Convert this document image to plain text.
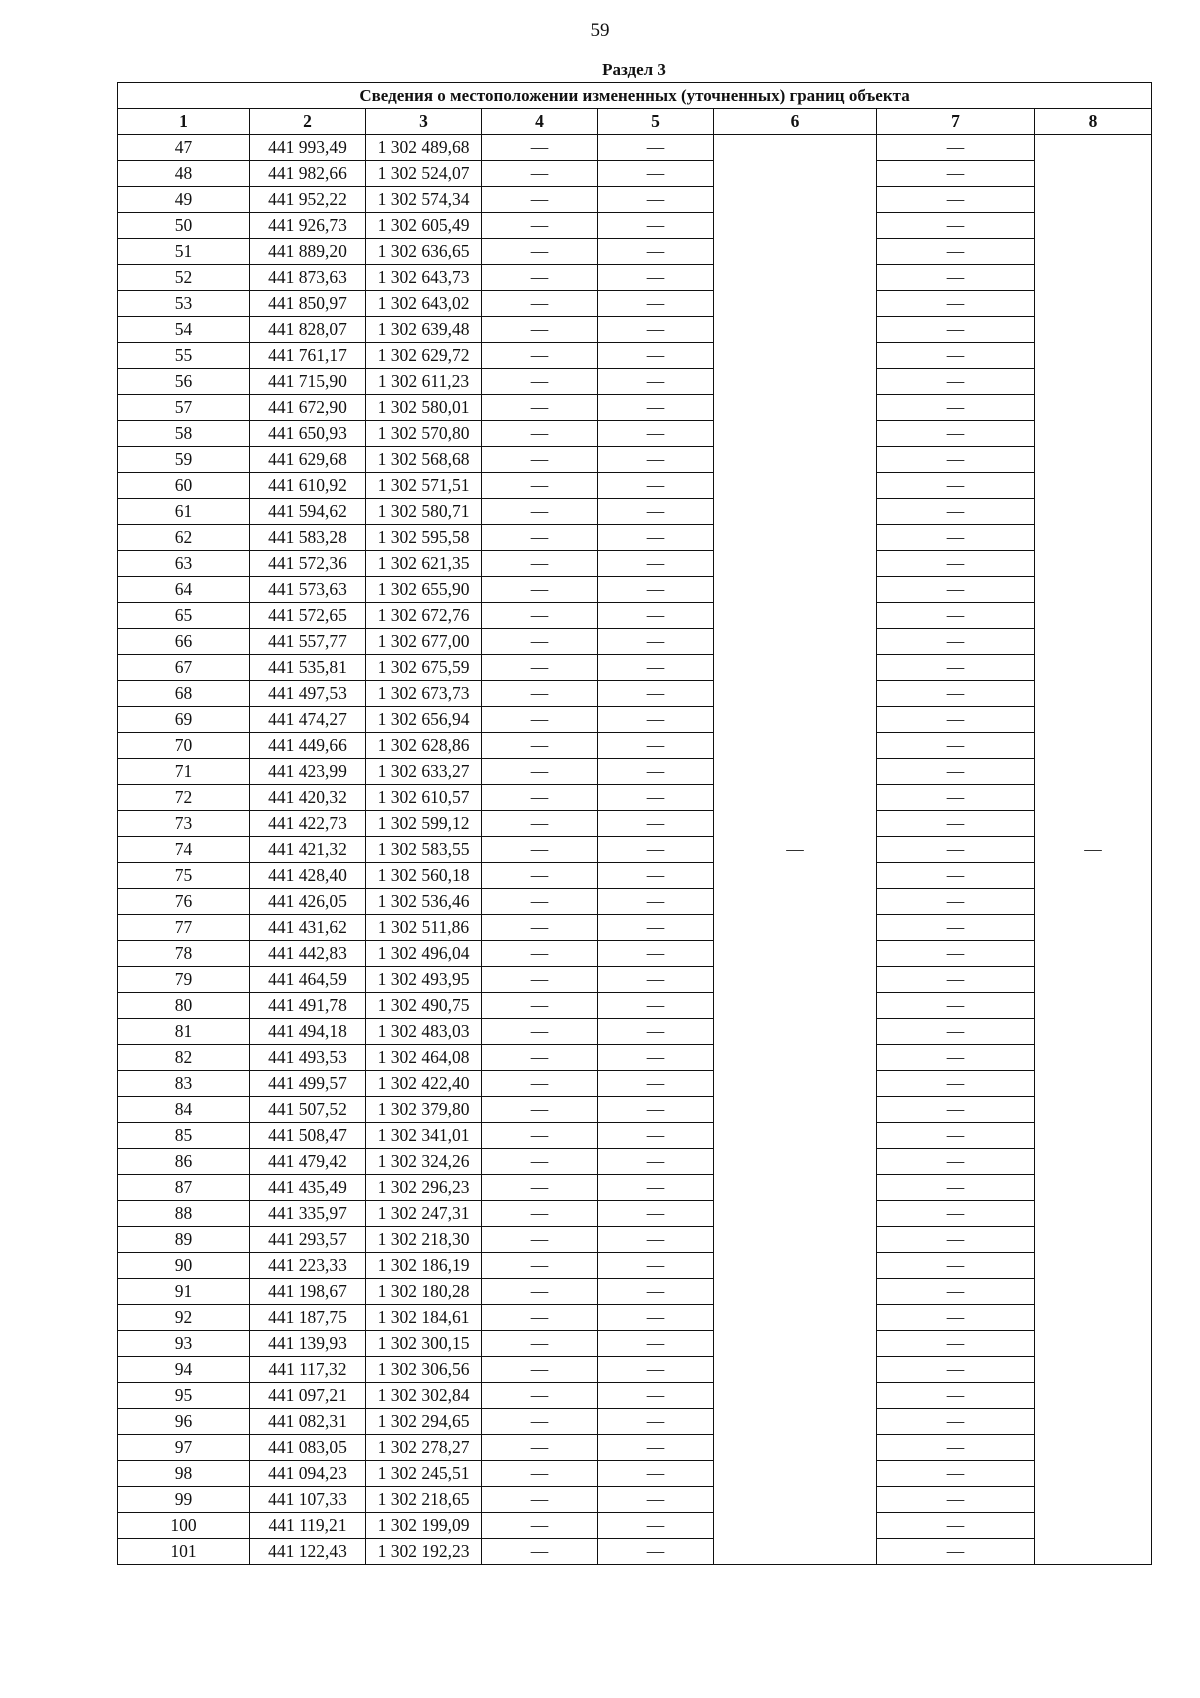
59
Раздел 3
Сведения о местоположении измененных (уточненных) границ объекта							
1	2	3	4	5	6	7	8
47	441 993,49	1 302 489,68	—	—	—	—	—
48	441 982,66	1 302 524,07	—	—		—	
49	441 952,22	1 302 574,34	—	—		—	
50	441 926,73	1 302 605,49	—	—		—	
51	441 889,20	1 302 636,65	—	—		—	
52	441 873,63	1 302 643,73	—	—		—	
53	441 850,97	1 302 643,02	—	—		—	
54	441 828,07	1 302 639,48	—	—		—	
55	441 761,17	1 302 629,72	—	—		—	
56	441 715,90	1 302 611,23	—	—		—	
57	441 672,90	1 302 580,01	—	—		—	
58	441 650,93	1 302 570,80	—	—		—	
59	441 629,68	1 302 568,68	—	—		—	
60	441 610,92	1 302 571,51	—	—		—	
61	441 594,62	1 302 580,71	—	—		—	
62	441 583,28	1 302 595,58	—	—		—	
63	441 572,36	1 302 621,35	—	—		—	
64	441 573,63	1 302 655,90	—	—		—	
65	441 572,65	1 302 672,76	—	—		—	
66	441 557,77	1 302 677,00	—	—		—	
67	441 535,81	1 302 675,59	—	—		—	
68	441 497,53	1 302 673,73	—	—		—	
69	441 474,27	1 302 656,94	—	—		—	
70	441 449,66	1 302 628,86	—	—		—	
71	441 423,99	1 302 633,27	—	—		—	
72	441 420,32	1 302 610,57	—	—		—	
73	441 422,73	1 302 599,12	—	—		—	
74	441 421,32	1 302 583,55	—	—		—	
75	441 428,40	1 302 560,18	—	—		—	
76	441 426,05	1 302 536,46	—	—		—	
77	441 431,62	1 302 511,86	—	—		—	
78	441 442,83	1 302 496,04	—	—		—	
79	441 464,59	1 302 493,95	—	—		—	
80	441 491,78	1 302 490,75	—	—		—	
81	441 494,18	1 302 483,03	—	—		—	
82	441 493,53	1 302 464,08	—	—		—	
83	441 499,57	1 302 422,40	—	—		—	
84	441 507,52	1 302 379,80	—	—		—	
85	441 508,47	1 302 341,01	—	—		—	
86	441 479,42	1 302 324,26	—	—		—	
87	441 435,49	1 302 296,23	—	—		—	
88	441 335,97	1 302 247,31	—	—		—	
89	441 293,57	1 302 218,30	—	—		—	
90	441 223,33	1 302 186,19	—	—		—	
91	441 198,67	1 302 180,28	—	—		—	
92	441 187,75	1 302 184,61	—	—		—	
93	441 139,93	1 302 300,15	—	—		—	
94	441 117,32	1 302 306,56	—	—		—	
95	441 097,21	1 302 302,84	—	—		—	
96	441 082,31	1 302 294,65	—	—		—	
97	441 083,05	1 302 278,27	—	—		—	
98	441 094,23	1 302 245,51	—	—		—	
99	441 107,33	1 302 218,65	—	—		—	
100	441 119,21	1 302 199,09	—	—		—	
101	441 122,43	1 302 192,23	—	—		—	
